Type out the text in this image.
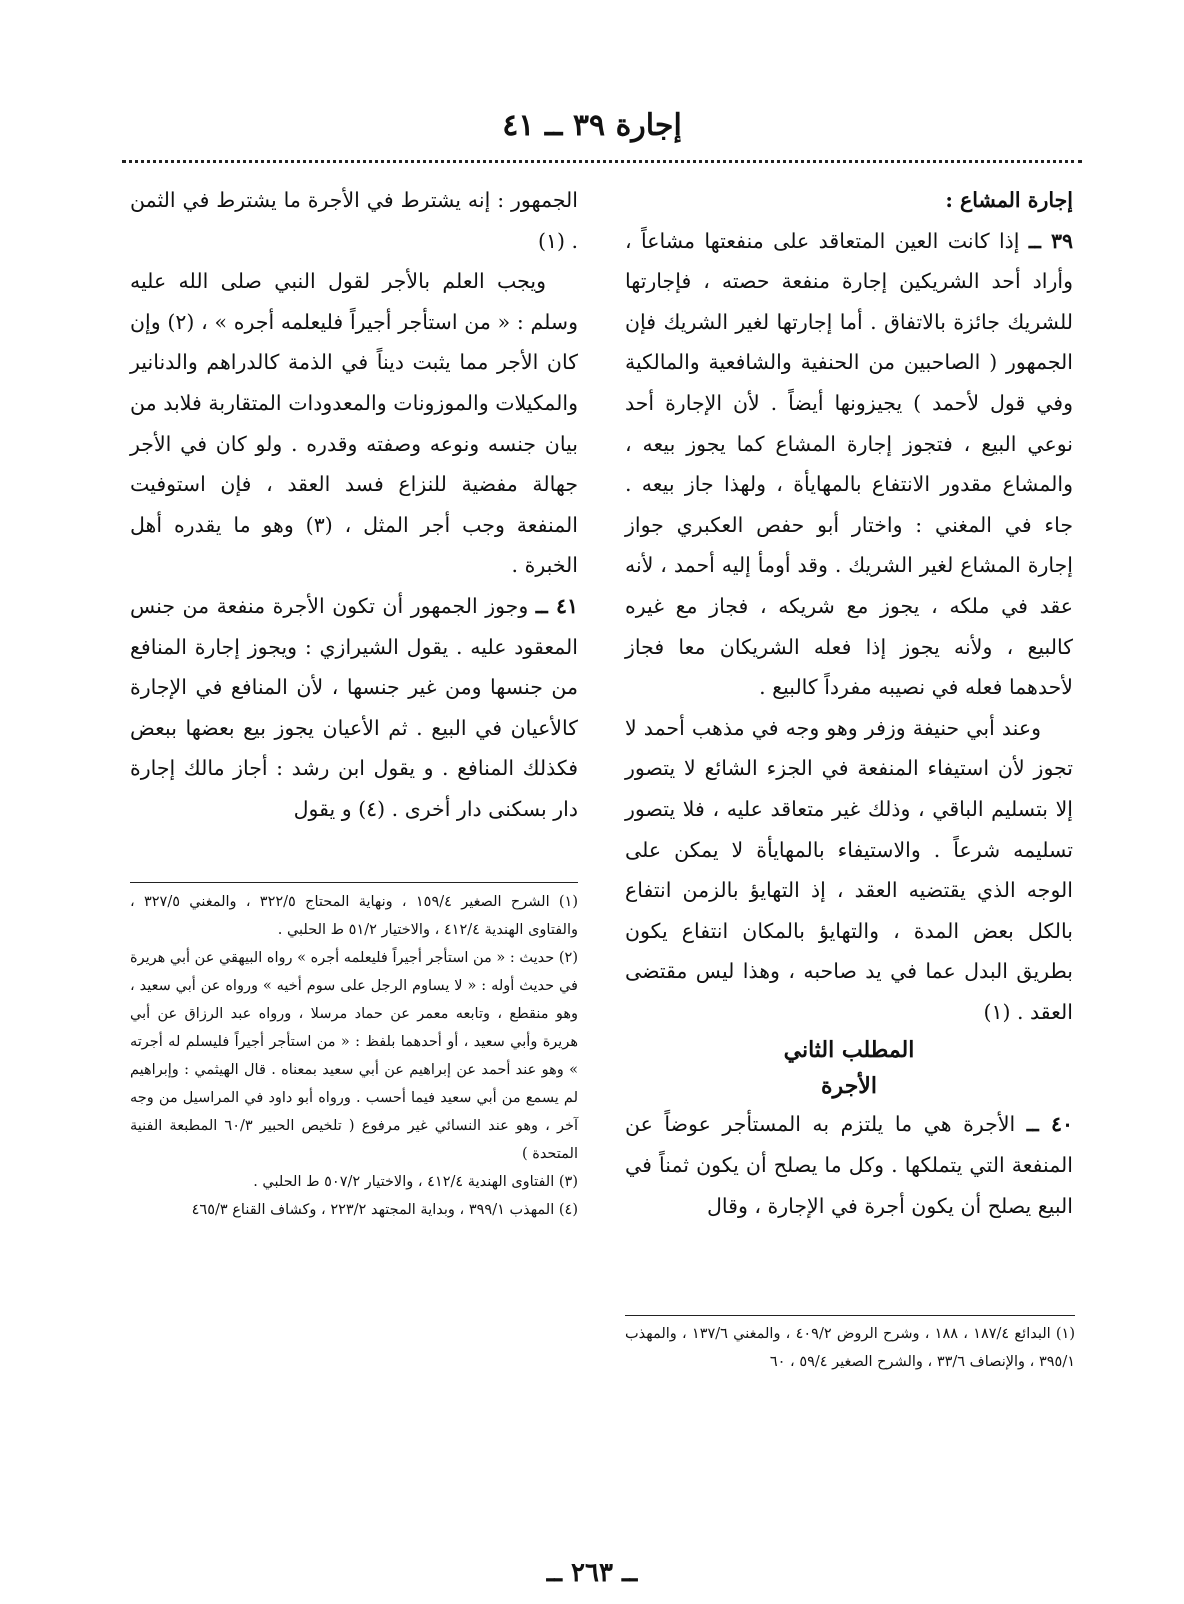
إجارة ٣٩ ــ ٤١

إجارة المشاع :

٣٩ ــ إذا كانت العين المتعاقد على منفعتها مشاعاً ، وأراد أحد الشريكين إجارة منفعة حصته ، فإجارتها للشريك جائزة بالاتفاق . أما إجارتها لغير الشريك فإن الجمهور ( الصاحبين من الحنفية والشافعية والمالكية وفي قول لأحمد ) يجيزونها أيضاً . لأن الإجارة أحد نوعي البيع ، فتجوز إجارة المشاع كما يجوز بيعه ، والمشاع مقدور الانتفاع بالمهايأة ، ولهذا جاز بيعه . جاء في المغني : واختار أبو حفص العكبري جواز إجارة المشاع لغير الشريك . وقد أومأ إليه أحمد ، لأنه عقد في ملكه ، يجوز مع شريكه ، فجاز مع غيره كالبيع ، ولأنه يجوز إذا فعله الشريكان معا فجاز لأحدهما فعله في نصيبه مفرداً كالبيع .

وعند أبي حنيفة وزفر وهو وجه في مذهب أحمد لا تجوز لأن استيفاء المنفعة في الجزء الشائع لا يتصور إلا بتسليم الباقي ، وذلك غير متعاقد عليه ، فلا يتصور تسليمه شرعاً . والاستيفاء بالمهايأة لا يمكن على الوجه الذي يقتضيه العقد ، إذ التهايؤ بالزمن انتفاع بالكل بعض المدة ، والتهايؤ بالمكان انتفاع يكون بطريق البدل عما في يد صاحبه ، وهذا ليس مقتضى العقد . (١)

المطلب الثاني
الأجرة

٤٠ ــ الأجرة هي ما يلتزم به المستأجر عوضاً عن المنفعة التي يتملكها . وكل ما يصلح أن يكون ثمناً في البيع يصلح أن يكون أجرة في الإجارة ، وقال

الجمهور : إنه يشترط في الأجرة ما يشترط في الثمن . (١)

ويجب العلم بالأجر لقول النبي صلى الله عليه وسلم : « من استأجر أجيراً فليعلمه أجره » ، (٢) وإن كان الأجر مما يثبت ديناً في الذمة كالدراهم والدنانير والمكيلات والموزونات والمعدودات المتقاربة فلابد من بيان جنسه ونوعه وصفته وقدره . ولو كان في الأجر جهالة مفضية للنزاع فسد العقد ، فإن استوفيت المنفعة وجب أجر المثل ، (٣) وهو ما يقدره أهل الخبرة .

٤١ ــ وجوز الجمهور أن تكون الأجرة منفعة من جنس المعقود عليه . يقول الشيرازي : ويجوز إجارة المنافع من جنسها ومن غير جنسها ، لأن المنافع في الإجارة كالأعيان في البيع . ثم الأعيان يجوز بيع بعضها ببعض فكذلك المنافع . و يقول ابن رشد : أجاز مالك إجارة دار بسكنى دار أخرى . (٤) و يقول

(١) البدائع ١٨٧/٤ ، ١٨٨ ، وشرح الروض ٤٠٩/٢ ، والمغني ١٣٧/٦ ، والمهذب ٣٩٥/١ ، والإنصاف ٣٣/٦ ، والشرح الصغير ٥٩/٤ ، ٦٠

(١) الشرح الصغير ١٥٩/٤ ، ونهاية المحتاج ٣٢٢/٥ ، والمغني ٣٢٧/٥ ، والفتاوى الهندية ٤١٢/٤ ، والاختيار ٥١/٢ ط الحلبي .

(٢) حديث : « من استأجر أجيراً فليعلمه أجره » رواه البيهقي عن أبي هريرة في حديث أوله : « لا يساوم الرجل على سوم أخيه » ورواه عن أبي سعيد ، وهو منقطع ، وتابعه معمر عن حماد مرسلا ، ورواه عبد الرزاق عن أبي هريرة وأبي سعيد ، أو أحدهما بلفظ : « من استأجر أجيراً فليسلم له أجرته » وهو عند أحمد عن إبراهيم عن أبي سعيد بمعناه . قال الهيثمي : وإبراهيم لم يسمع من أبي سعيد فيما أحسب . ورواه أبو داود في المراسيل من وجه آخر ، وهو عند النسائي غير مرفوع ( تلخيص الحبير ٦٠/٣ المطبعة الفنية المتحدة )

(٣) الفتاوى الهندية ٤١٢/٤ ، والاختيار ٥٠٧/٢ ط الحلبي .

(٤) المهذب ٣٩٩/١ ، وبداية المجتهد ٢٢٣/٢ ، وكشاف القناع ٤٦٥/٣

ــ ٢٦٣ ــ
